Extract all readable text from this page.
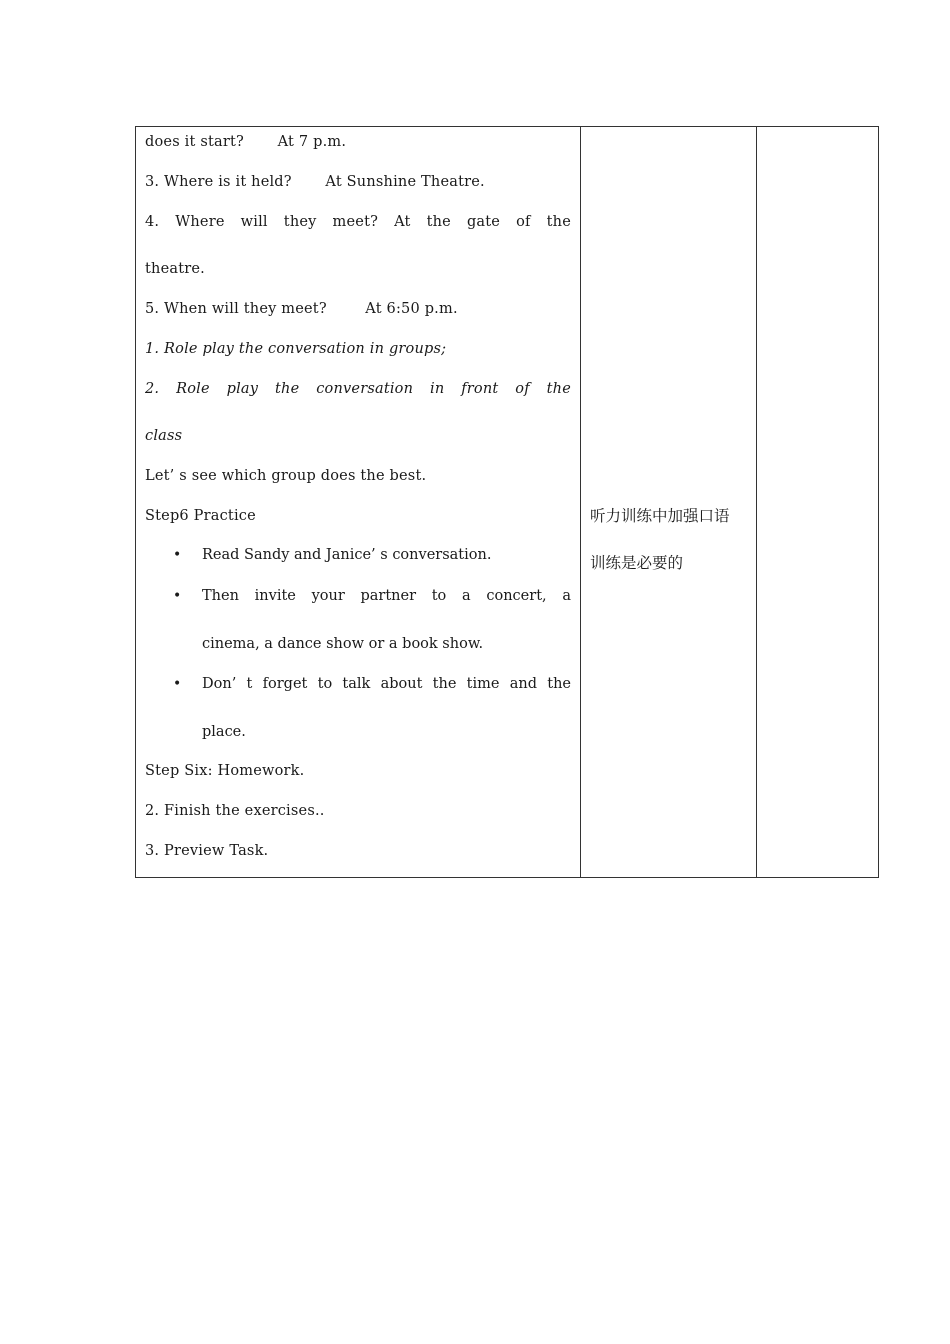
does it start?       At 7 p.m.
3. Where is it held?       At Sunshine Theatre.
4. Where will they meet? At the gate of the
theatre.
5. When will they meet?        At 6:50 p.m.
1. Role play the conversation in groups;
2. Role play the conversation in front of the
class
Let’ s see which group does the best.
Step6 Practice
• Read Sandy and Janice’ s conversation.
• Then invite your partner to a concert, a
cinema, a dance show or a book show.
• Don’ t forget to talk about the time and the
place.
Step Six: Homework.
2. Finish the exercises..
3. Preview Task.

听力训练中加强口语
训练是必要的
